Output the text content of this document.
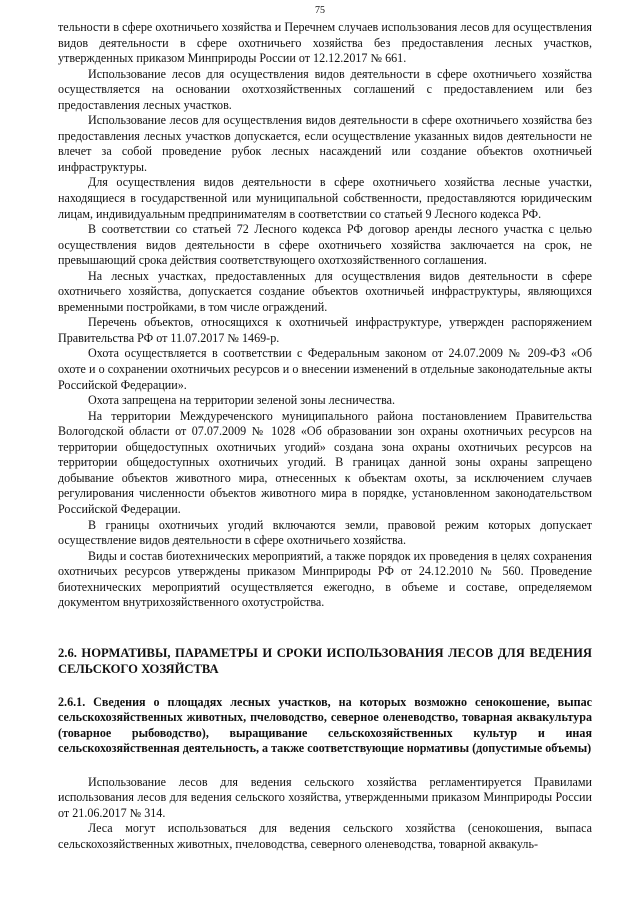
75

тельности в сфере охотничьего хозяйства и Перечнем случаев использования лесов для осуществления видов деятельности в сфере охотничьего хозяйства без предоставления лесных участков, утвержденных приказом Минприроды России от 12.12.2017 № 661.

Использование лесов для осуществления видов деятельности в сфере охотничьего хозяйства осуществляется на основании охотхозяйственных соглашений с предоставлением или без предоставления лесных участков.

Использование лесов для осуществления видов деятельности в сфере охотничьего хозяйства без предоставления лесных участков допускается, если осуществление указанных видов деятельности не влечет за собой проведение рубок лесных насаждений или создание объектов охотничьей инфраструктуры.

Для осуществления видов деятельности в сфере охотничьего хозяйства лесные участки, находящиеся в государственной или муниципальной собственности, предоставляются юридическим лицам, индивидуальным предпринимателям в соответствии со статьей 9 Лесного кодекса РФ.

В соответствии со статьей 72 Лесного кодекса РФ договор аренды лесного участка с целью осуществления видов деятельности в сфере охотничьего хозяйства заключается на срок, не превышающий срока действия соответствующего охотхозяйственного соглашения.

На лесных участках, предоставленных для осуществления видов деятельности в сфере охотничьего хозяйства, допускается создание объектов охотничьей инфраструктуры, являющихся временными постройками, в том числе ограждений.

Перечень объектов, относящихся к охотничьей инфраструктуре, утвержден распоряжением Правительства РФ от 11.07.2017 № 1469-р.

Охота осуществляется в соответствии с Федеральным законом от 24.07.2009 № 209-ФЗ «Об охоте и о сохранении охотничьих ресурсов и о внесении изменений в отдельные законодательные акты Российской Федерации».

Охота запрещена на территории зеленой зоны лесничества.

На территории Междуреченского муниципального района постановлением Правительства Вологодской области от 07.07.2009 № 1028 «Об образовании зон охраны охотничьих ресурсов на территории общедоступных охотничьих угодий» создана зона охраны охотничьих ресурсов на территории общедоступных охотничьих угодий. В границах данной зоны охраны запрещено добывание объектов животного мира, отнесенных к объектам охоты, за исключением случаев регулирования численности объектов животного мира в порядке, установленном законодательством Российской Федерации.

В границы охотничьих угодий включаются земли, правовой режим которых допускает осуществление видов деятельности в сфере охотничьего хозяйства.

Виды и состав биотехнических мероприятий, а также порядок их проведения в целях сохранения охотничьих ресурсов утверждены приказом Минприроды РФ от 24.12.2010 № 560. Проведение биотехнических мероприятий осуществляется ежегодно, в объеме и составе, определяемом документом внутрихозяйственного охотустройства.

2.6. НОРМАТИВЫ, ПАРАМЕТРЫ И СРОКИ ИСПОЛЬЗОВАНИЯ ЛЕСОВ ДЛЯ ВЕДЕНИЯ СЕЛЬСКОГО ХОЗЯЙСТВА

2.6.1. Сведения о площадях лесных участков, на которых возможно сенокошение, выпас сельскохозяйственных животных, пчеловодство, северное оленеводство, товарная аквакультура (товарное рыбоводство), выращивание сельскохозяйственных культур и иная сельскохозяйственная деятельность, а также соответствующие нормативы (допустимые объемы)

Использование лесов для ведения сельского хозяйства регламентируется Правилами использования лесов для ведения сельского хозяйства, утвержденными приказом Минприроды России от 21.06.2017 № 314.

Леса могут использоваться для ведения сельского хозяйства (сенокошения, выпаса сельскохозяйственных животных, пчеловодства, северного оленеводства, товарной аквакуль-
